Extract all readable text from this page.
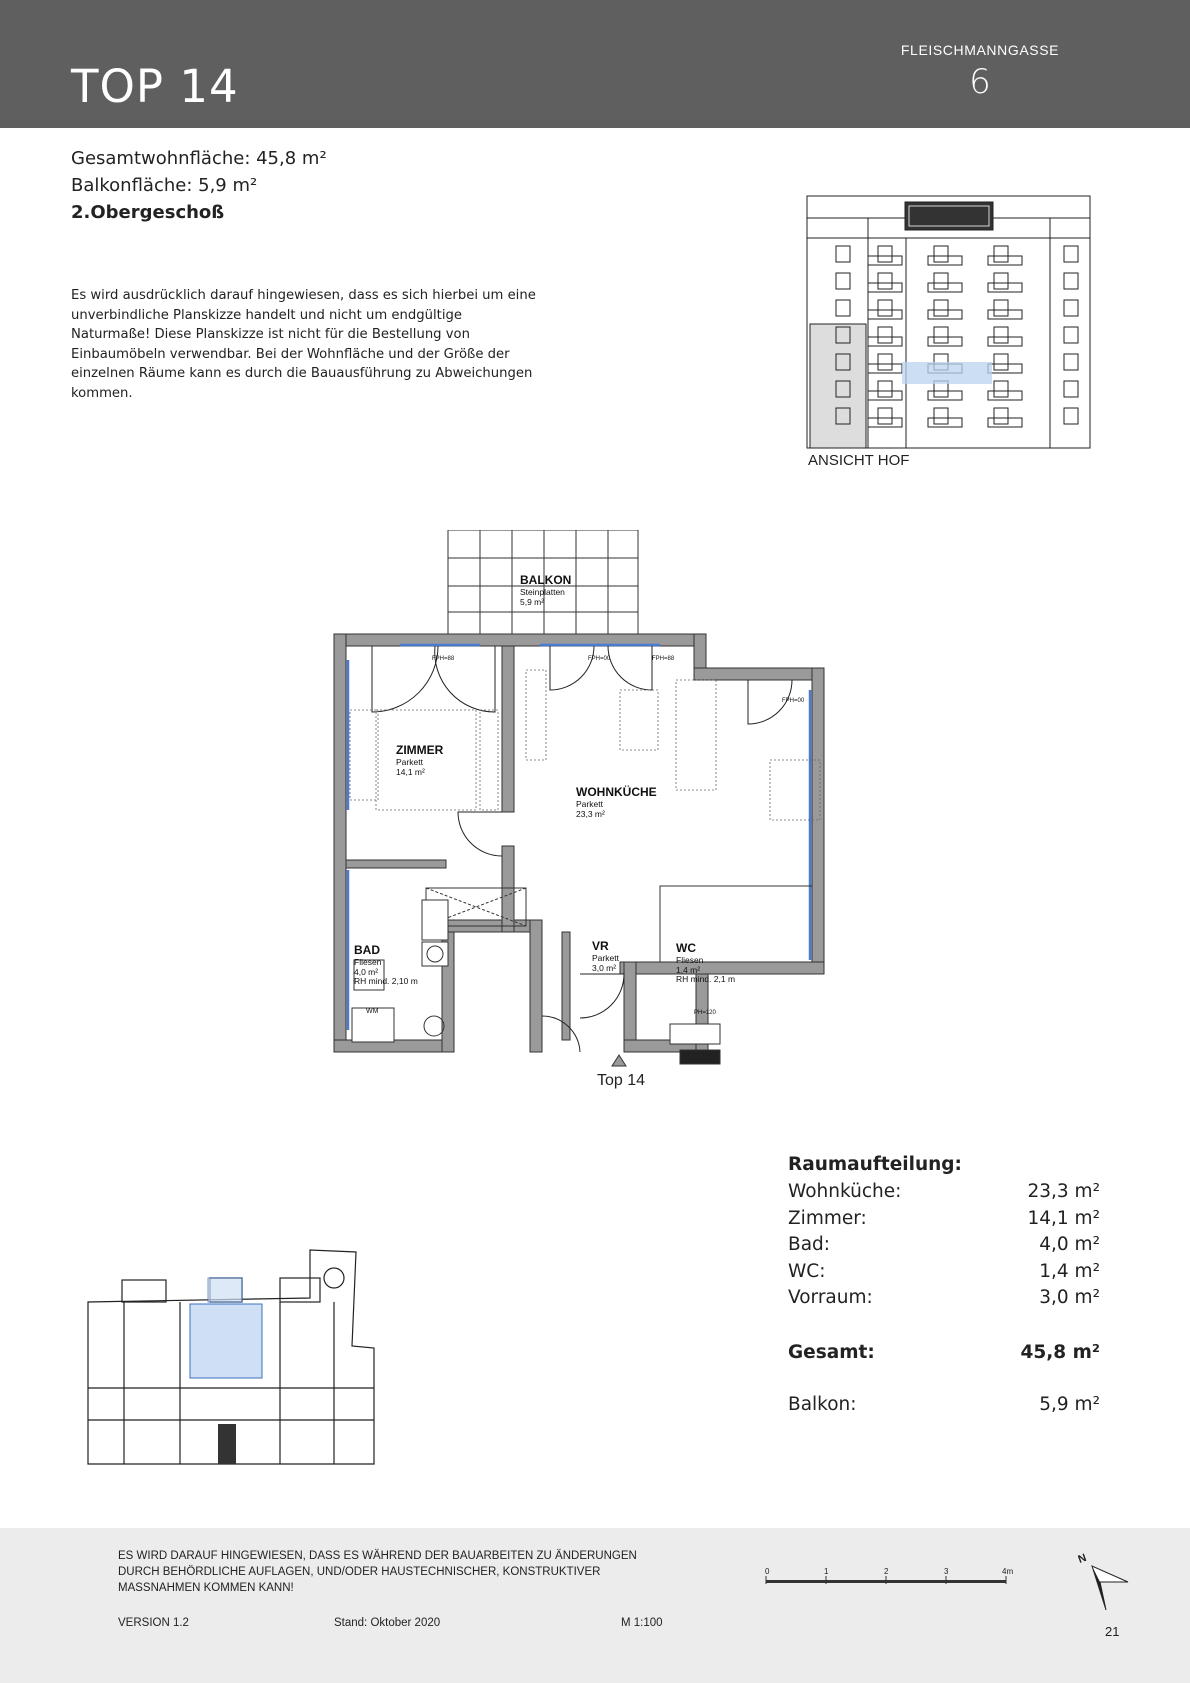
TOP 14
FLEISCHMANNGASSE
6
Gesamtwohnfläche: 45,8 m²
Balkonfläche: 5,9 m²
2.Obergeschoß
Es wird ausdrücklich darauf hingewiesen, dass es sich hierbei um eine unverbindliche Planskizze handelt und nicht um endgültige Naturmaße! Diese Planskizze ist nicht für die Bestellung von Einbaumöbeln verwendbar. Bei der Wohnfläche und der Größe der einzelnen Räume kann es durch die Bauausführung zu Abweichungen kommen.
ANSICHT HOF
BALKON
Steinplatten
5,9 m²
ZIMMER
Parkett
14,1 m²
WOHNKÜCHE
Parkett
23,3 m²
BAD
Fliesen
4,0 m²
RH mind. 2,10 m
VR
Parkett
3,0 m²
WC
Fliesen
1,4 m²
RH mind. 2,1 m
FPH=88	FPH=00	FPH=88
FPH=00
PH=120
WM
Top 14
Raumaufteilung:
Wohnküche:	23,3 m²
Zimmer:	14,1 m²
Bad:	4,0 m²
WC:	1,4 m²
Vorraum:	3,0 m²
Gesamt:	45,8 m²
Balkon:	5,9 m²
ES WIRD DARAUF HINGEWIESEN, DASS ES WÄHREND DER BAUARBEITEN ZU ÄNDERUNGEN DURCH BEHÖRDLICHE AUFLAGEN, UND/ODER HAUSTECHNISCHER, KONSTRUKTIVER MASSNAHMEN KOMMEN KANN!
VERSION 1.2	Stand: Oktober 2020	M 1:100
0	1	2	3	4m
N
21
